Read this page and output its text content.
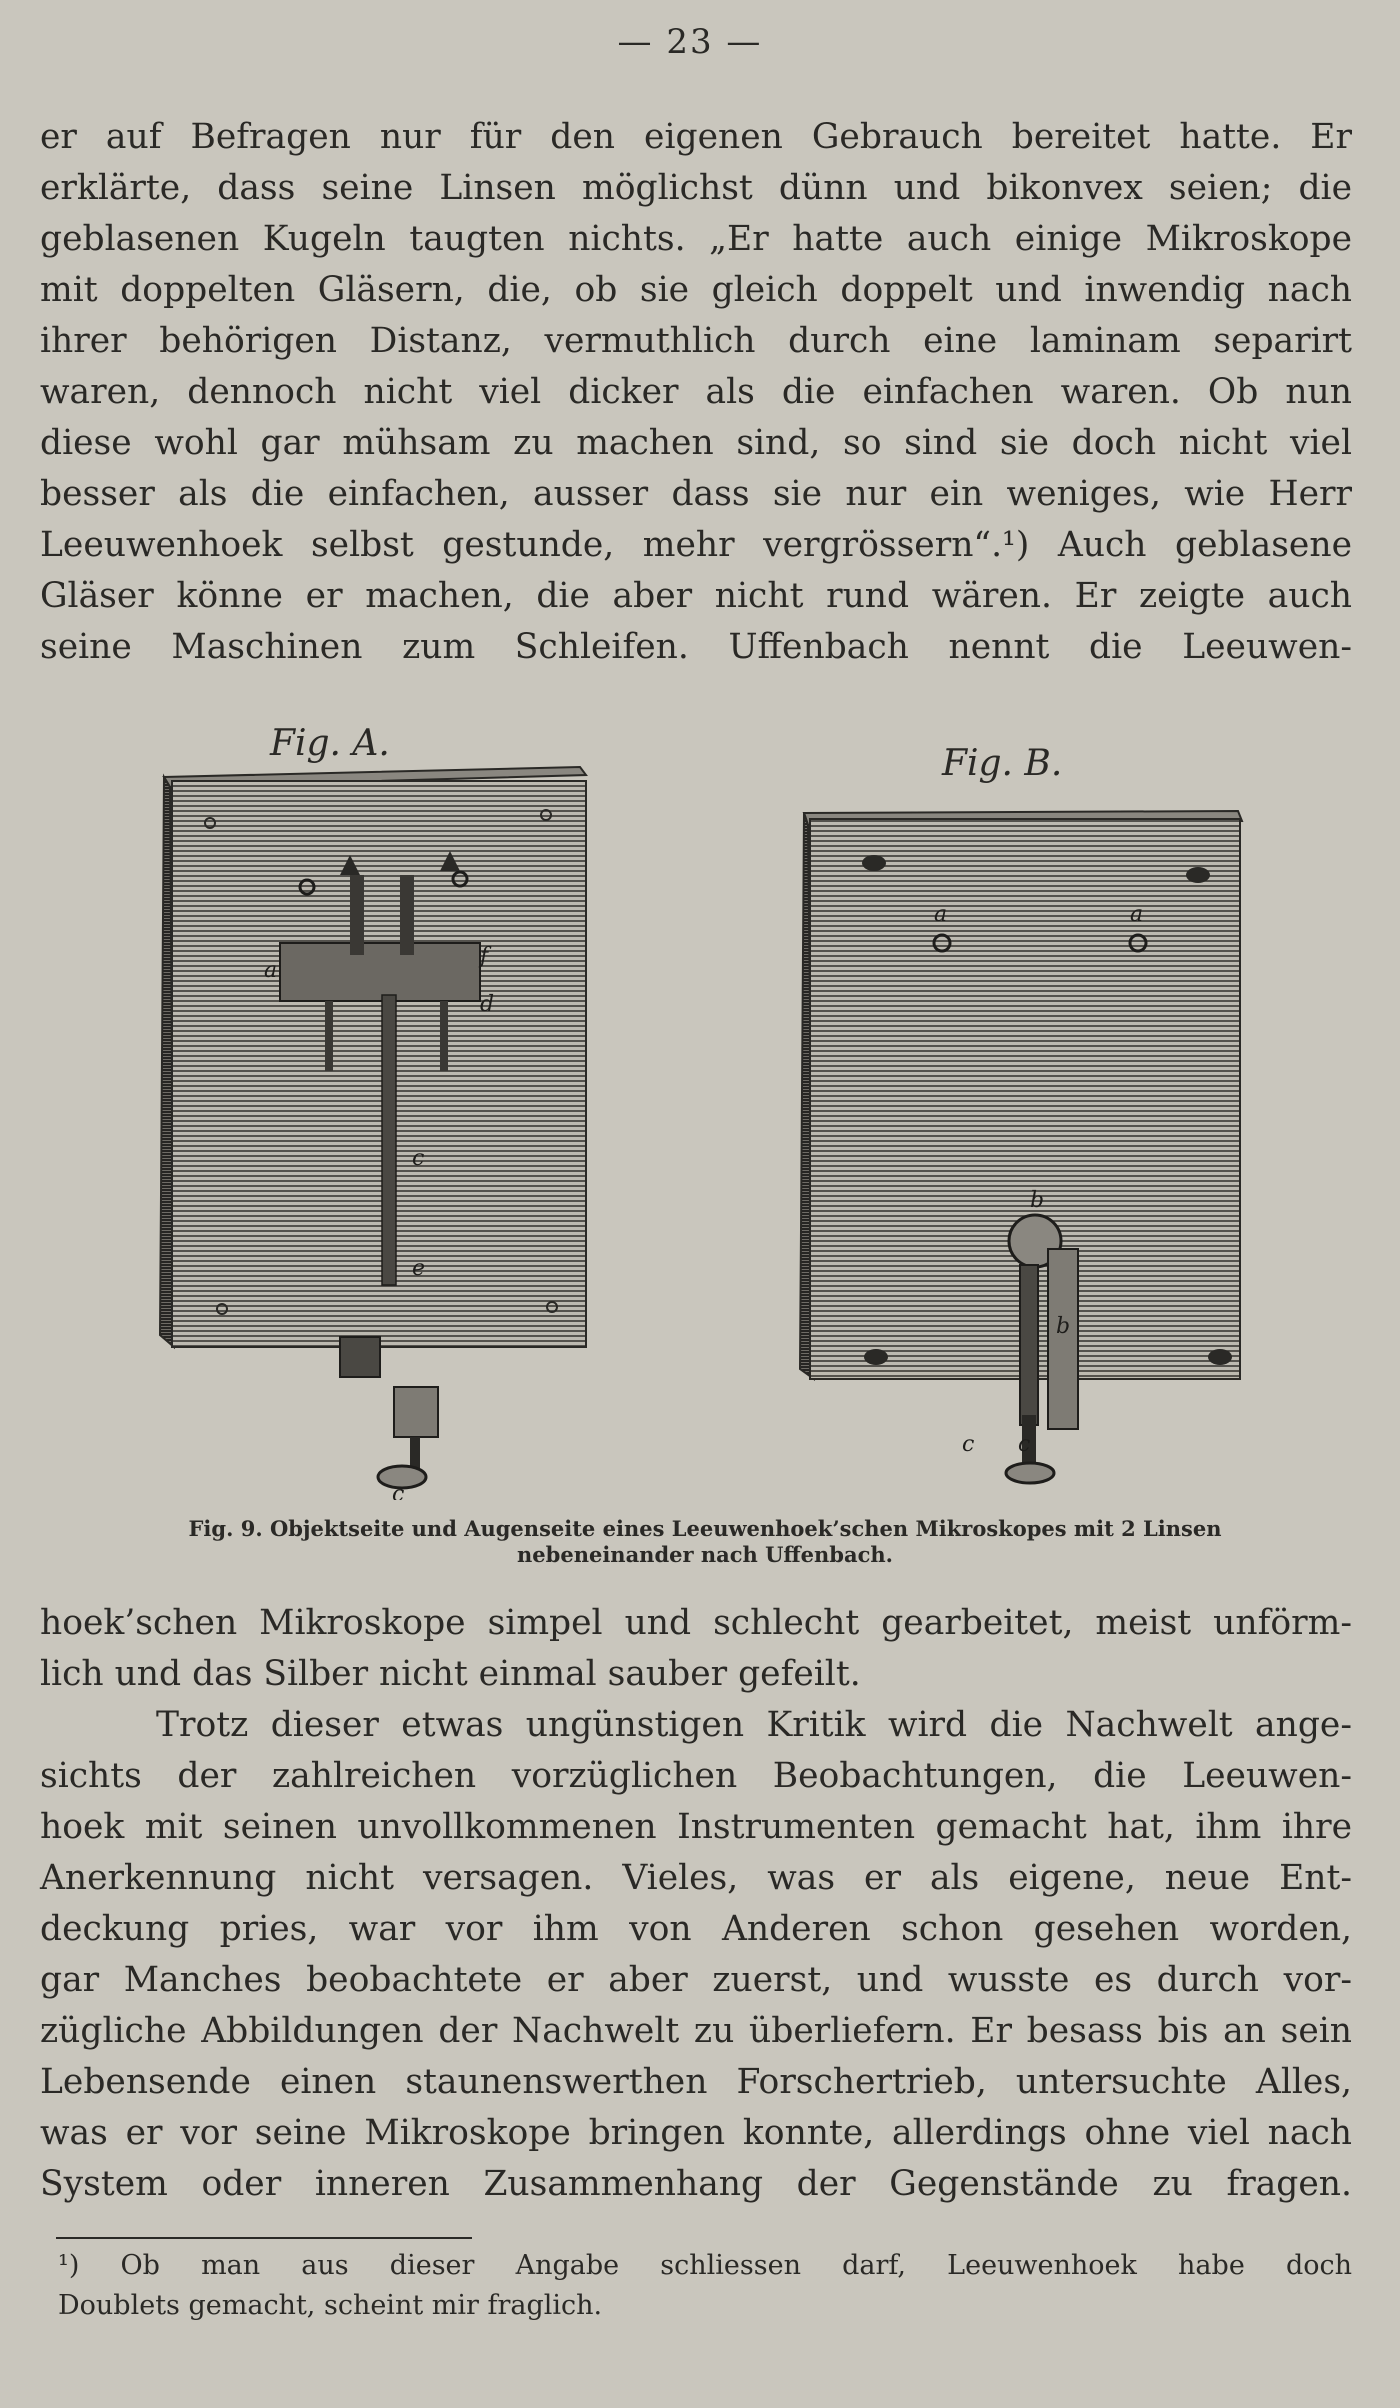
— 23 —
er auf Befragen nur für den eigenen Gebrauch bereitet hatte. Er
erklärte, dass seine Linsen möglichst dünn und bikonvex seien; die
geblasenen Kugeln taugten nichts. „Er hatte auch einige Mikroskope
mit doppelten Gläsern, die, ob sie gleich doppelt und inwendig nach
ihrer behörigen Distanz, vermuthlich durch eine laminam separirt
waren, dennoch nicht viel dicker als die einfachen waren. Ob nun
diese wohl gar mühsam zu machen sind, so sind sie doch nicht viel
besser als die einfachen, ausser dass sie nur ein weniges, wie Herr
Leeuwenhoek selbst gestunde, mehr vergrössern“.¹) Auch geblasene
Gläser könne er machen, die aber nicht rund wären. Er zeigte auch
seine Maschinen zum Schleifen. Uffenbach nennt die Leeuwen-
Fig. A.
a
f
d
c
e
c
Fig. B.
a	a
b
b
c c
Fig. 9. Objektseite und Augenseite eines Leeuwenhoek’schen Mikroskopes mit 2 Linsen
nebeneinander nach Uffenbach.
hoek’schen Mikroskope simpel und schlecht gearbeitet, meist unförm-
lich und das Silber nicht einmal sauber gefeilt.
Trotz dieser etwas ungünstigen Kritik wird die Nachwelt ange-
sichts der zahlreichen vorzüglichen Beobachtungen, die Leeuwen-
hoek mit seinen unvollkommenen Instrumenten gemacht hat, ihm ihre
Anerkennung nicht versagen. Vieles, was er als eigene, neue Ent-
deckung pries, war vor ihm von Anderen schon gesehen worden,
gar Manches beobachtete er aber zuerst, und wusste es durch vor-
zügliche Abbildungen der Nachwelt zu überliefern. Er besass bis an sein
Lebensende einen staunenswerthen Forschertrieb, untersuchte Alles,
was er vor seine Mikroskope bringen konnte, allerdings ohne viel nach
System oder inneren Zusammenhang der Gegenstände zu fragen.
¹) Ob man aus dieser Angabe schliessen darf, Leeuwenhoek habe doch
Doublets gemacht, scheint mir fraglich.
